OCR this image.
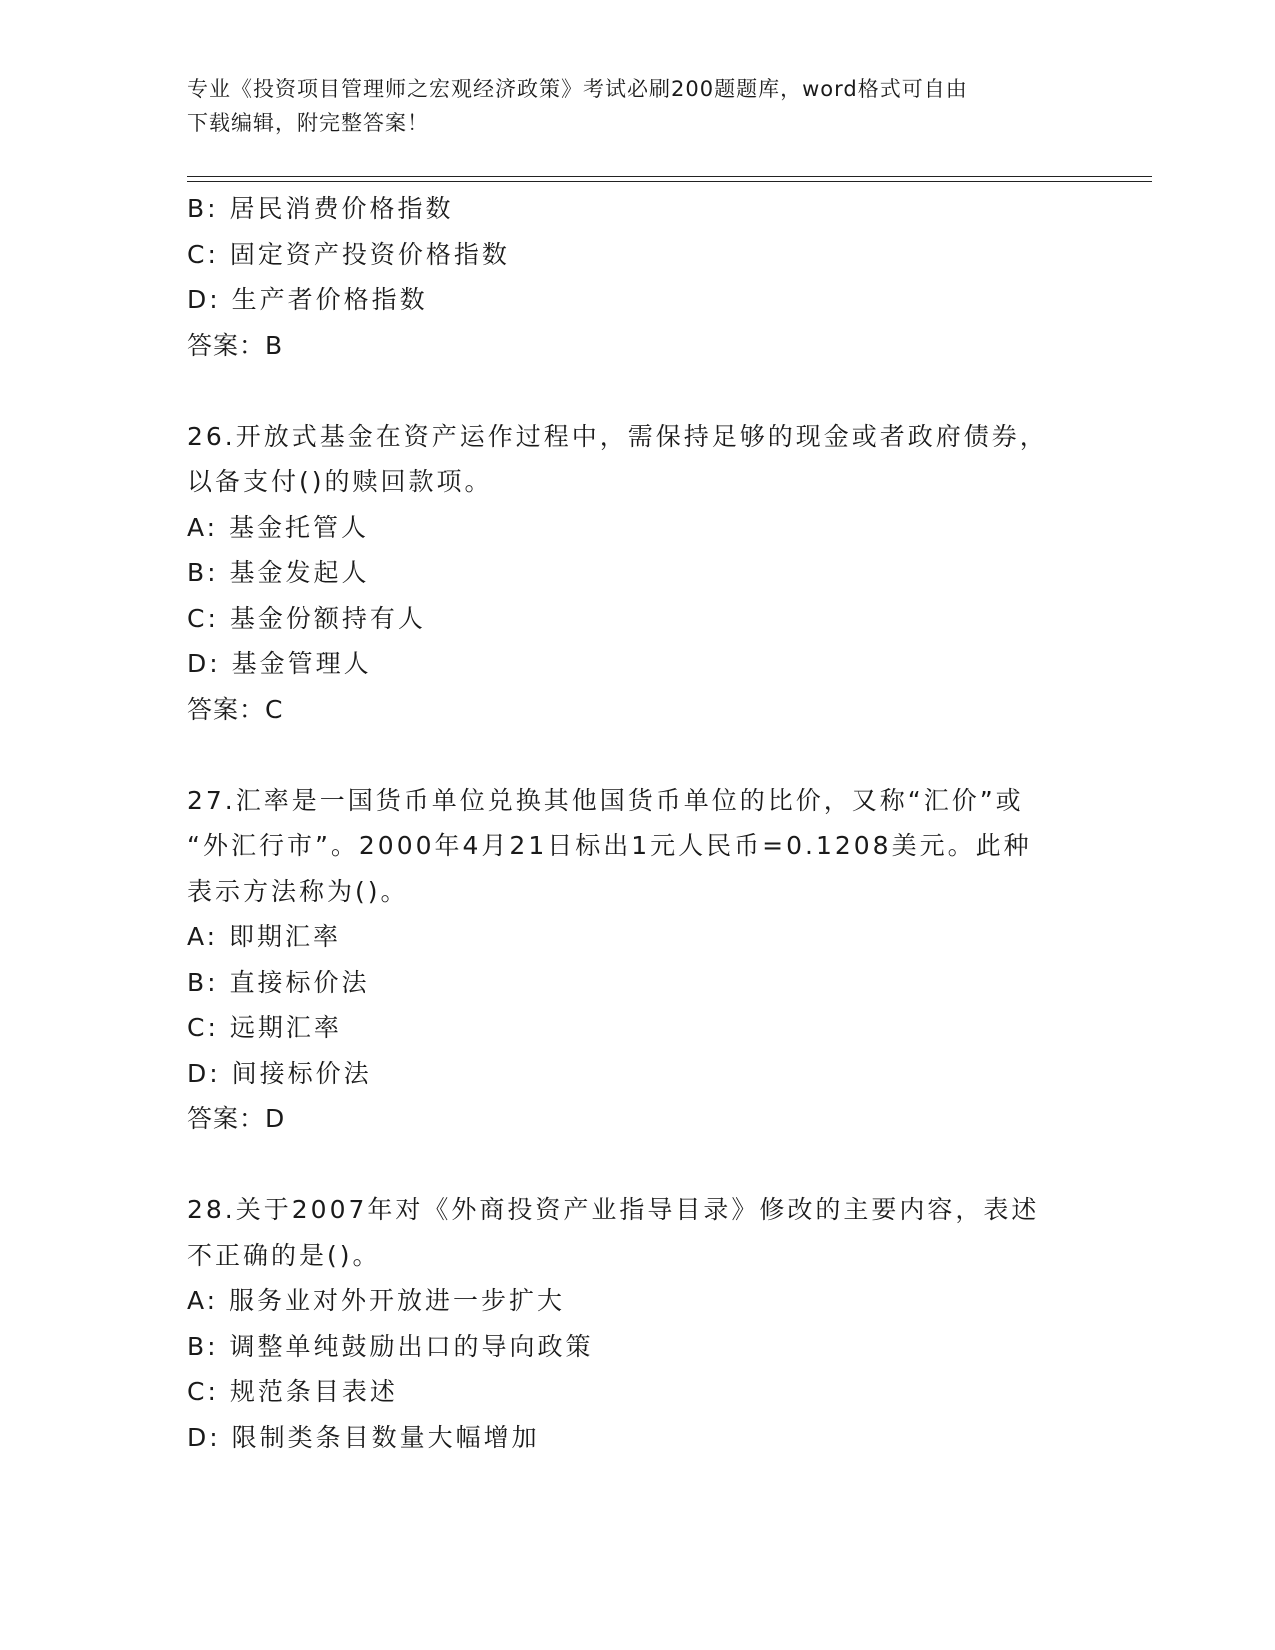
专业《投资项目管理师之宏观经济政策》考试必刷200题题库，word格式可自由
下载编辑，附完整答案！
B: 居民消费价格指数
C: 固定资产投资价格指数
D: 生产者价格指数
答案：B
26.开放式基金在资产运作过程中，需保持足够的现金或者政府债券，
以备支付()的赎回款项。
A: 基金托管人
B: 基金发起人
C: 基金份额持有人
D: 基金管理人
答案：C
27.汇率是一国货币单位兑换其他国货币单位的比价，又称“汇价”或
“外汇行市”。2000年4月21日标出1元人民币=0.1208美元。此种
表示方法称为()。
A: 即期汇率
B: 直接标价法
C: 远期汇率
D: 间接标价法
答案：D
28.关于2007年对《外商投资产业指导目录》修改的主要内容，表述
不正确的是()。
A: 服务业对外开放进一步扩大
B: 调整单纯鼓励出口的导向政策
C: 规范条目表述
D: 限制类条目数量大幅增加
